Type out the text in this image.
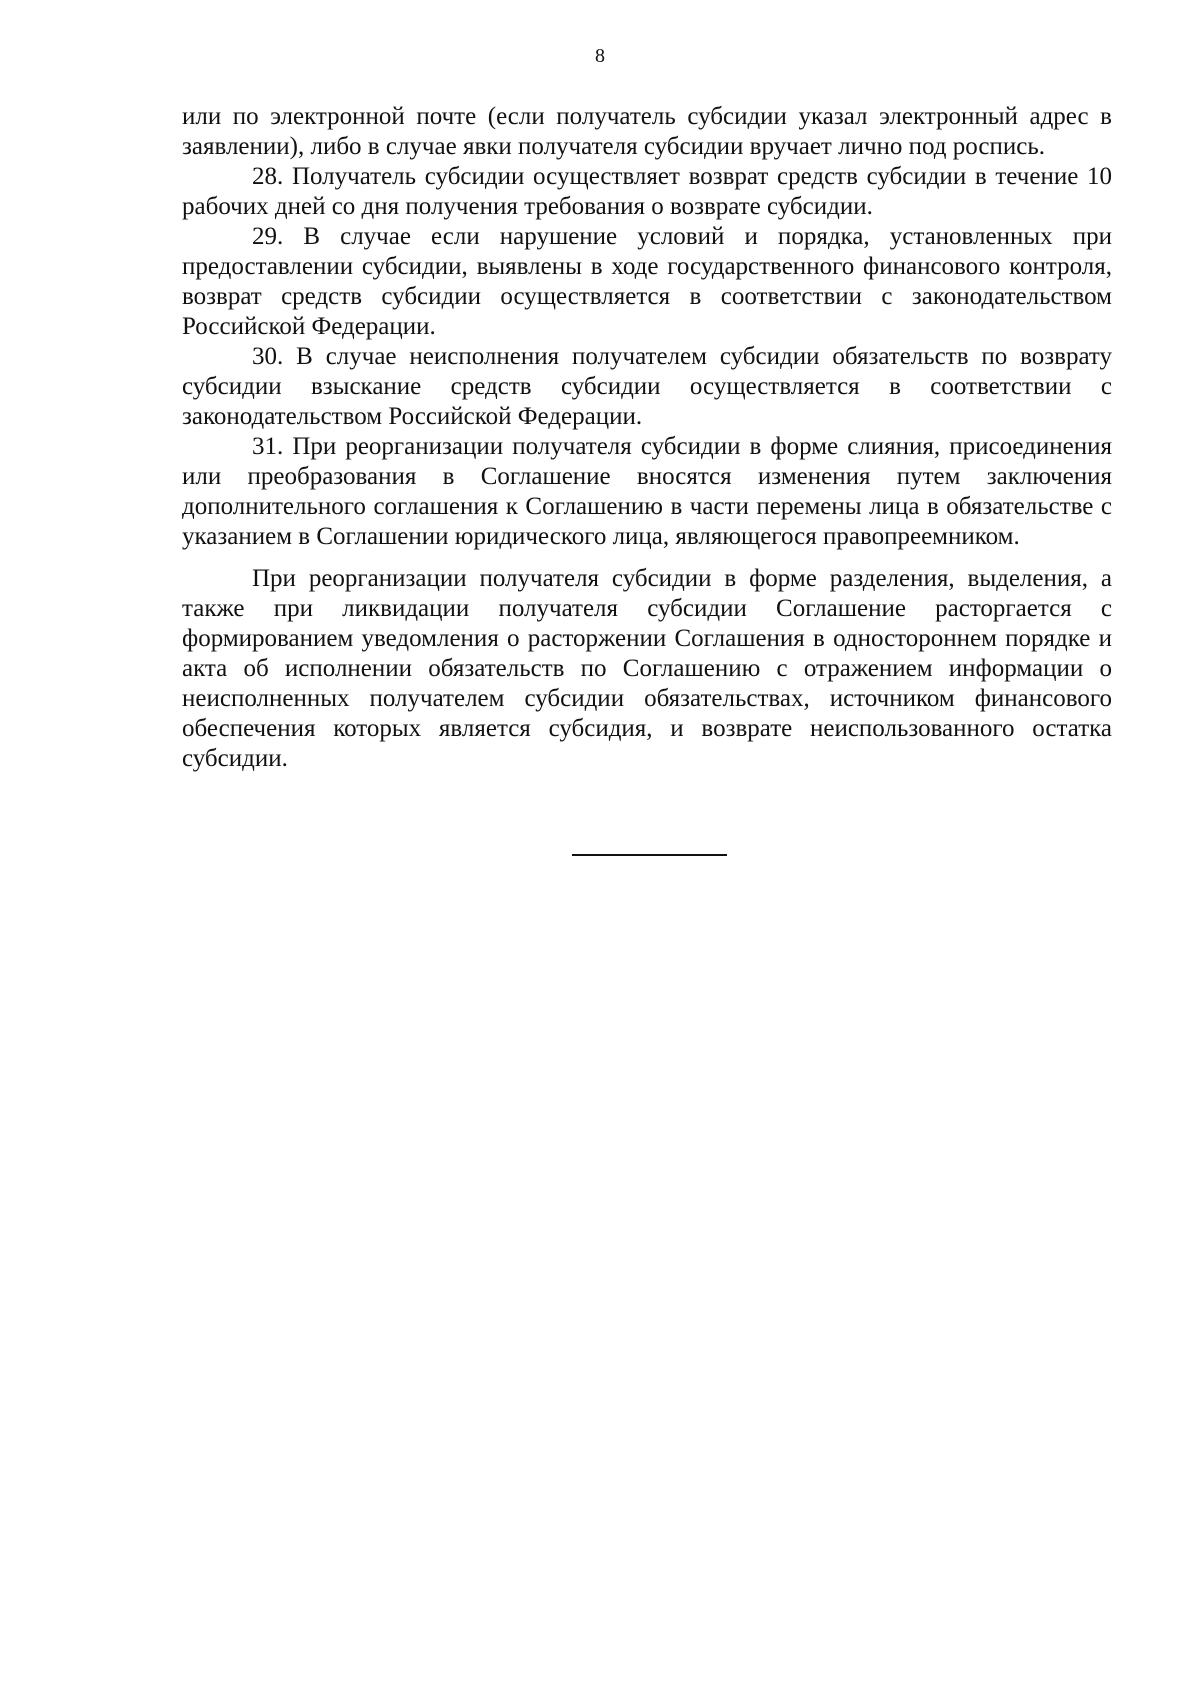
8

или по электронной почте (если получатель субсидии указал электронный адрес в заявлении), либо в случае явки получателя субсидии вручает лично под роспись.

28. Получатель субсидии осуществляет возврат средств субсидии в течение 10 рабочих дней со дня получения требования о возврате субсидии.

29. В случае если нарушение условий и порядка, установленных при предоставлении субсидии, выявлены в ходе государственного финансового контроля, возврат средств субсидии осуществляется в соответствии с законодательством Российской Федерации.

30. В случае неисполнения получателем субсидии обязательств по возврату субсидии взыскание средств субсидии осуществляется в соответствии с законодательством Российской Федерации.

31. При реорганизации получателя субсидии в форме слияния, присоединения или преобразования в Соглашение вносятся изменения путем заключения дополнительного соглашения к Соглашению в части перемены лица в обязательстве с указанием в Соглашении юридического лица, являющегося правопреемником.

При реорганизации получателя субсидии в форме разделения, выделения, а также при ликвидации получателя субсидии Соглашение расторгается с формированием уведомления о расторжении Соглашения в одностороннем порядке и акта об исполнении обязательств по Соглашению с отражением информации о неисполненных получателем субсидии обязательствах, источником финансового обеспечения которых является субсидия, и возврате неиспользованного остатка субсидии.
